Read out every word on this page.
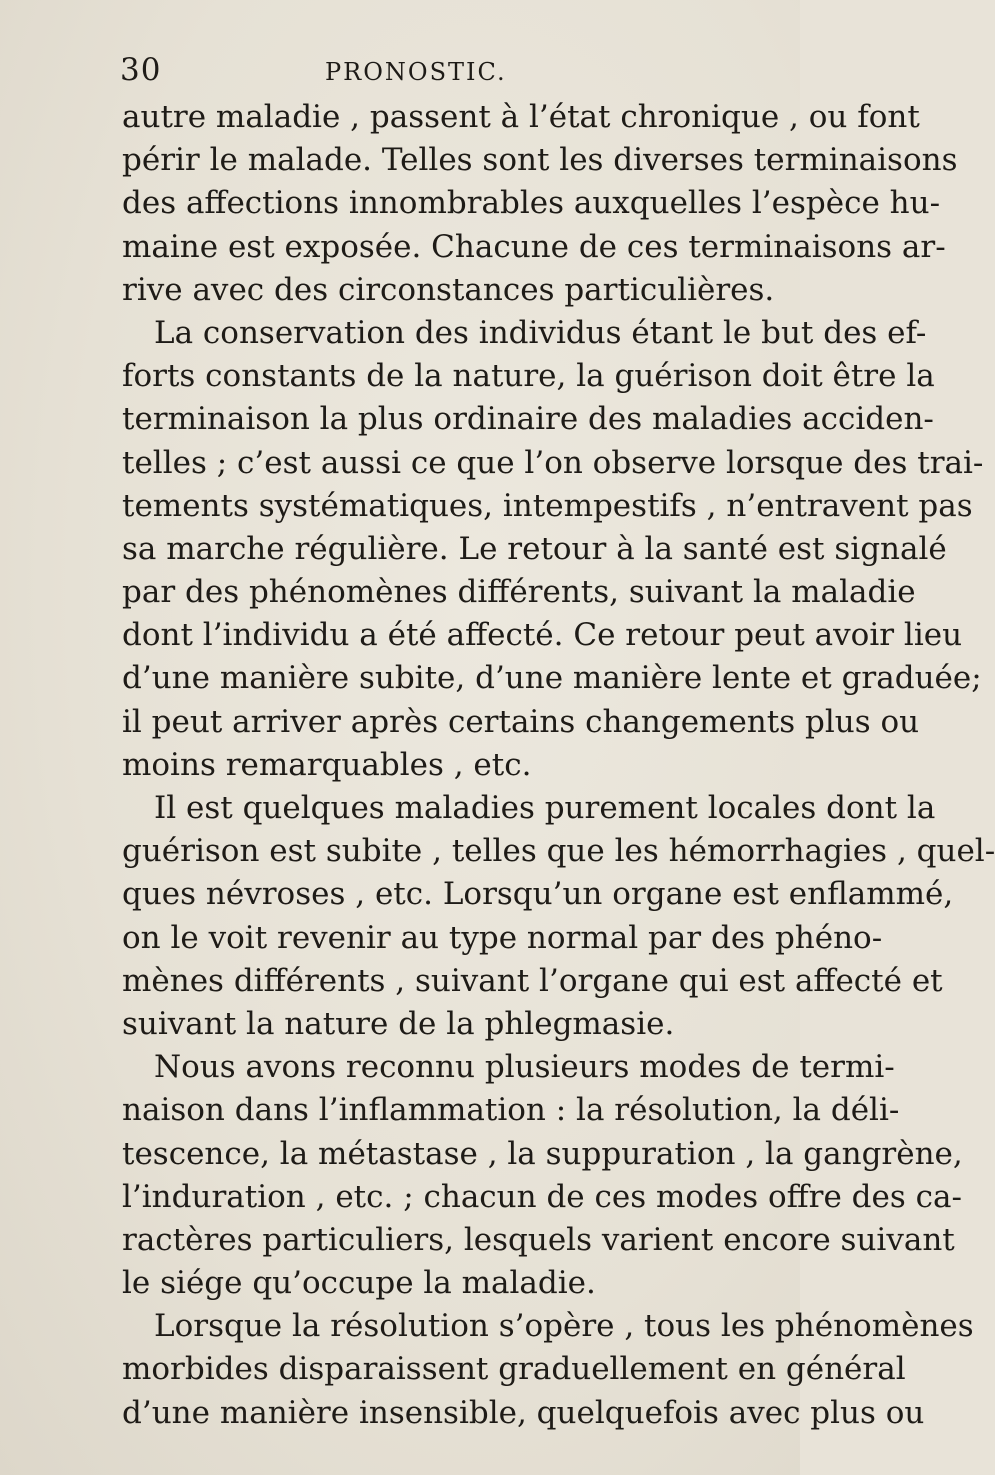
30	PRONOSTIC.
autre maladie , passent à l’état chronique , ou font
périr le malade. Telles sont les diverses terminaisons
des affections innombrables auxquelles l’espèce hu-
maine est exposée. Chacune de ces terminaisons ar-
rive avec des circonstances particulières.
La conservation des individus étant le but des ef-
forts constants de la nature, la guérison doit être la
terminaison la plus ordinaire des maladies acciden-
telles ; c’est aussi ce que l’on observe lorsque des trai-
tements systématiques, intempestifs , n’entravent pas
sa marche régulière. Le retour à la santé est signalé
par des phénomènes différents, suivant la maladie
dont l’individu a été affecté. Ce retour peut avoir lieu
d’une manière subite, d’une manière lente et graduée;
il peut arriver après certains changements plus ou
moins remarquables , etc.
Il est quelques maladies purement locales dont la
guérison est subite , telles que les hémorrhagies , quel-
ques névroses , etc. Lorsqu’un organe est enflammé,
on le voit revenir au type normal par des phéno-
mènes différents , suivant l’organe qui est affecté et
suivant la nature de la phlegmasie.
Nous avons reconnu plusieurs modes de termi-
naison dans l’inflammation : la résolution, la déli-
tescence, la métastase , la suppuration , la gangrène,
l’induration , etc. ; chacun de ces modes offre des ca-
ractères particuliers, lesquels varient encore suivant
le siége qu’occupe la maladie.
Lorsque la résolution s’opère , tous les phénomènes
morbides disparaissent graduellement en général
d’une manière insensible, quelquefois avec plus ou
